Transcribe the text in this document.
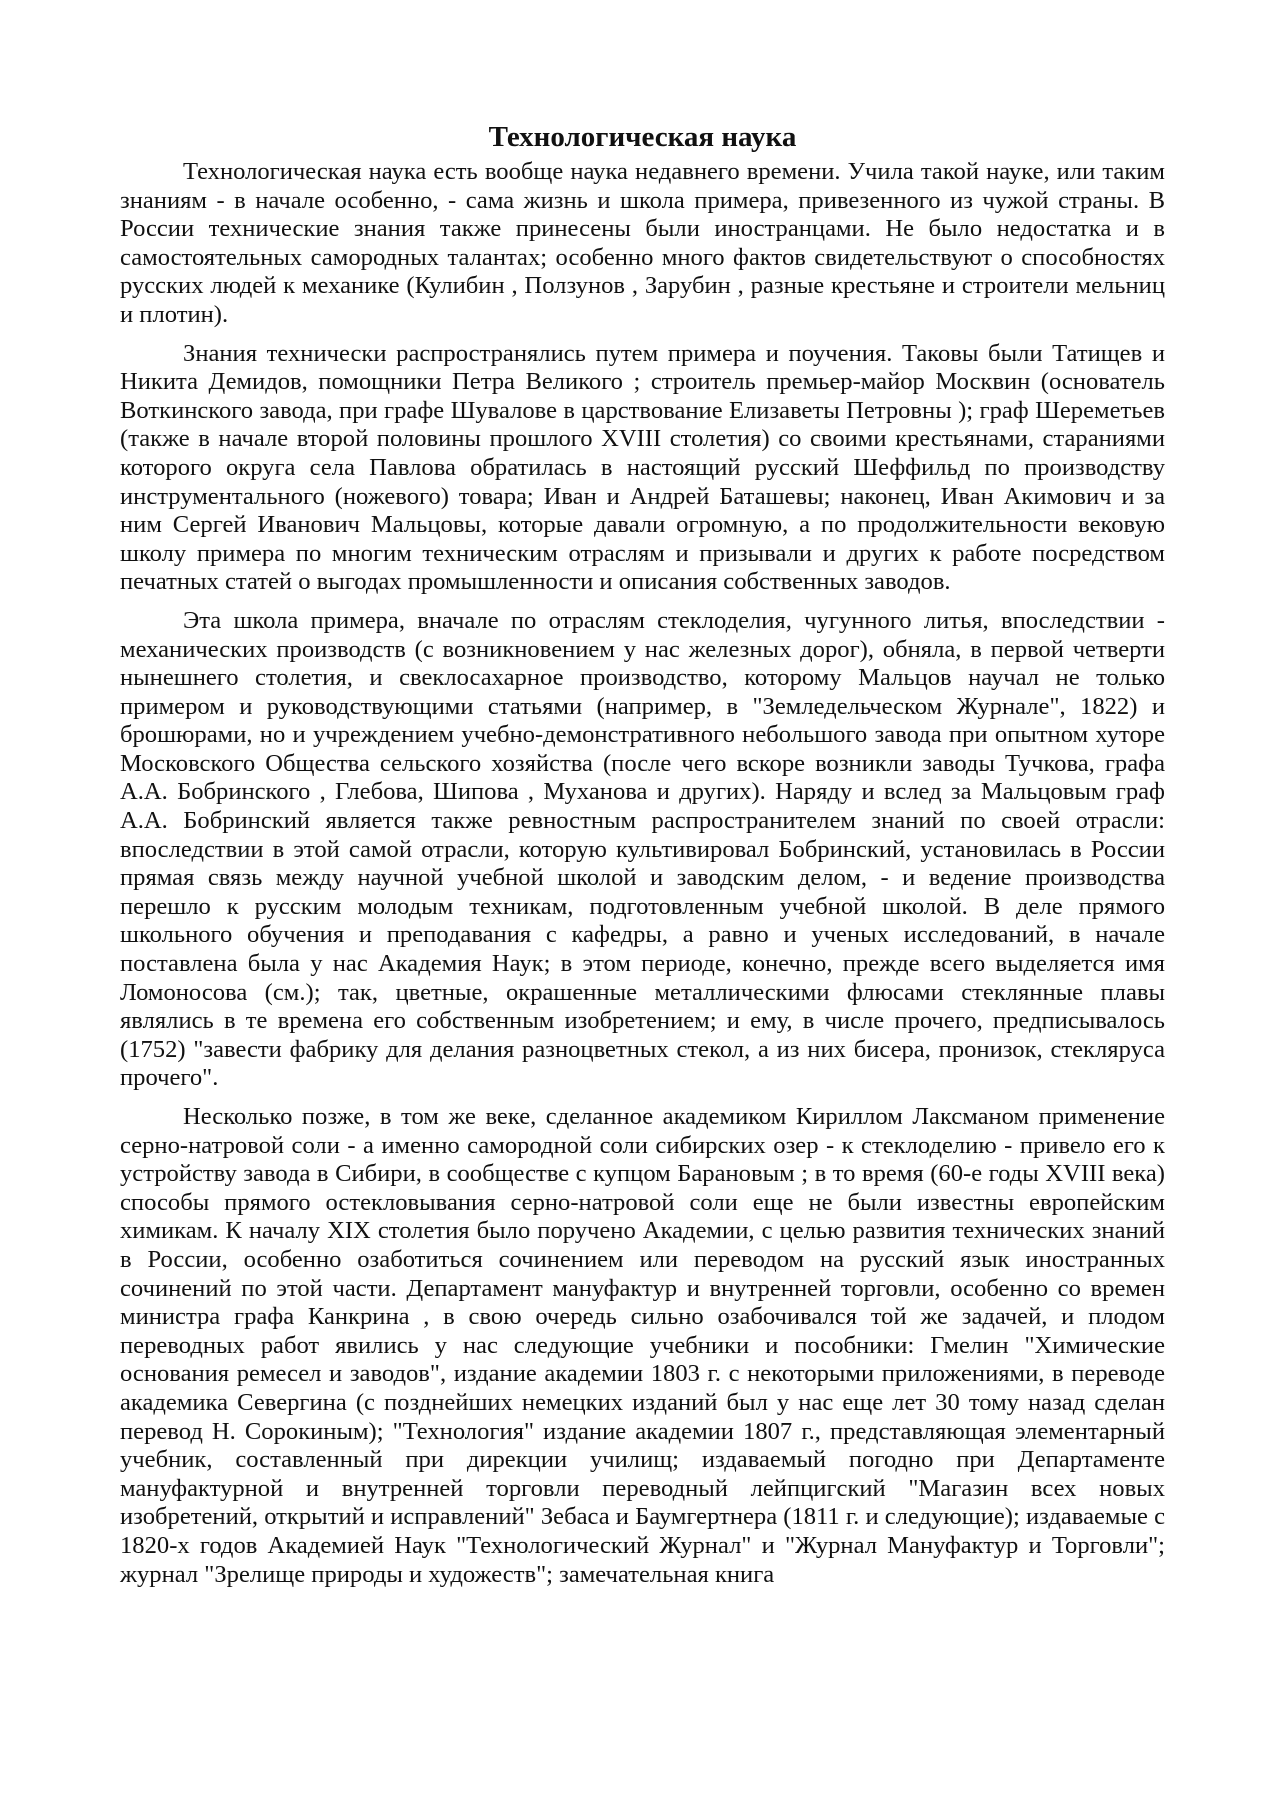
Технологическая наука

Технологическая наука есть вообще наука недавнего времени. Учила такой науке, или таким знаниям - в начале особенно, - сама жизнь и школа примера, привезенного из чужой страны. В России технические знания также принесены были иностранцами. Не было недостатка и в самостоятельных самородных талантах; особенно много фактов свидетельствуют о способностях русских людей к механике (Кулибин , Ползунов , Зарубин , разные крестьяне и строители мельниц и плотин).

Знания технически распространялись путем примера и поучения. Таковы были Татищев и Никита Демидов, помощники Петра Великого ; строитель премьер-майор Москвин (основатель Воткинского завода, при графе Шувалове в царствование Елизаветы Петровны ); граф Шереметьев (также в начале второй половины прошлого XVIII столетия) со своими крестьянами, стараниями которого округа села Павлова обратилась в настоящий русский Шеффильд по производству инструментального (ножевого) товара; Иван и Андрей Баташевы; наконец, Иван Акимович и за ним Сергей Иванович Мальцовы, которые давали огромную, а по продолжительности вековую школу примера по многим техническим отраслям и призывали и других к работе посредством печатных статей о выгодах промышленности и описания собственных заводов.

Эта школа примера, вначале по отраслям стеклоделия, чугунного литья, впоследствии - механических производств (с возникновением у нас железных дорог), обняла, в первой четверти нынешнего столетия, и свеклосахарное производство, которому Мальцов научал не только примером и руководствующими статьями (например, в "Земледельческом Журнале", 1822) и брошюрами, но и учреждением учебно-демонстративного небольшого завода при опытном хуторе Московского Общества сельского хозяйства (после чего вскоре возникли заводы Тучкова, графа А.А. Бобринского , Глебова, Шипова , Муханова и других). Наряду и вслед за Мальцовым граф А.А. Бобринский является также ревностным распространителем знаний по своей отрасли: впоследствии в этой самой отрасли, которую культивировал Бобринский, установилась в России прямая связь между научной учебной школой и заводским делом, - и ведение производства перешло к русским молодым техникам, подготовленным учебной школой. В деле прямого школьного обучения и преподавания с кафедры, а равно и ученых исследований, в начале поставлена была у нас Академия Наук; в этом периоде, конечно, прежде всего выделяется имя Ломоносова (см.); так, цветные, окрашенные металлическими флюсами стеклянные плавы являлись в те времена его собственным изобретением; и ему, в числе прочего, предписывалось (1752) "завести фабрику для делания разноцветных стекол, а из них бисера, пронизок, стекляруса прочего".

Несколько позже, в том же веке, сделанное академиком Кириллом Лаксманом применение серно-натровой соли - а именно самородной соли сибирских озер - к стеклоделию - привело его к устройству завода в Сибири, в сообществе с купцом Барановым ; в то время (60-е годы XVIII века) способы прямого остекловывания серно-натровой соли еще не были известны европейским химикам. К началу XIX столетия было поручено Академии, с целью развития технических знаний в России, особенно озаботиться сочинением или переводом на русский язык иностранных сочинений по этой части. Департамент мануфактур и внутренней торговли, особенно со времен министра графа Канкрина , в свою очередь сильно озабочивался той же задачей, и плодом переводных работ явились у нас следующие учебники и пособники: Гмелин "Химические основания ремесел и заводов", издание академии 1803 г. с некоторыми приложениями, в переводе академика Севергина (с позднейших немецких изданий был у нас еще лет 30 тому назад сделан перевод Н. Сорокиным); "Технология" издание академии 1807 г., представляющая элементарный учебник, составленный при дирекции училищ; издаваемый погодно при Департаменте мануфактурной и внутренней торговли переводный лейпцигский "Магазин всех новых изобретений, открытий и исправлений" Зебаса и Баумгертнера (1811 г. и следующие); издаваемые с 1820-х годов Академией Наук "Технологический Журнал" и "Журнал Мануфактур и Торговли"; журнал "Зрелище природы и художеств"; замечательная книга
